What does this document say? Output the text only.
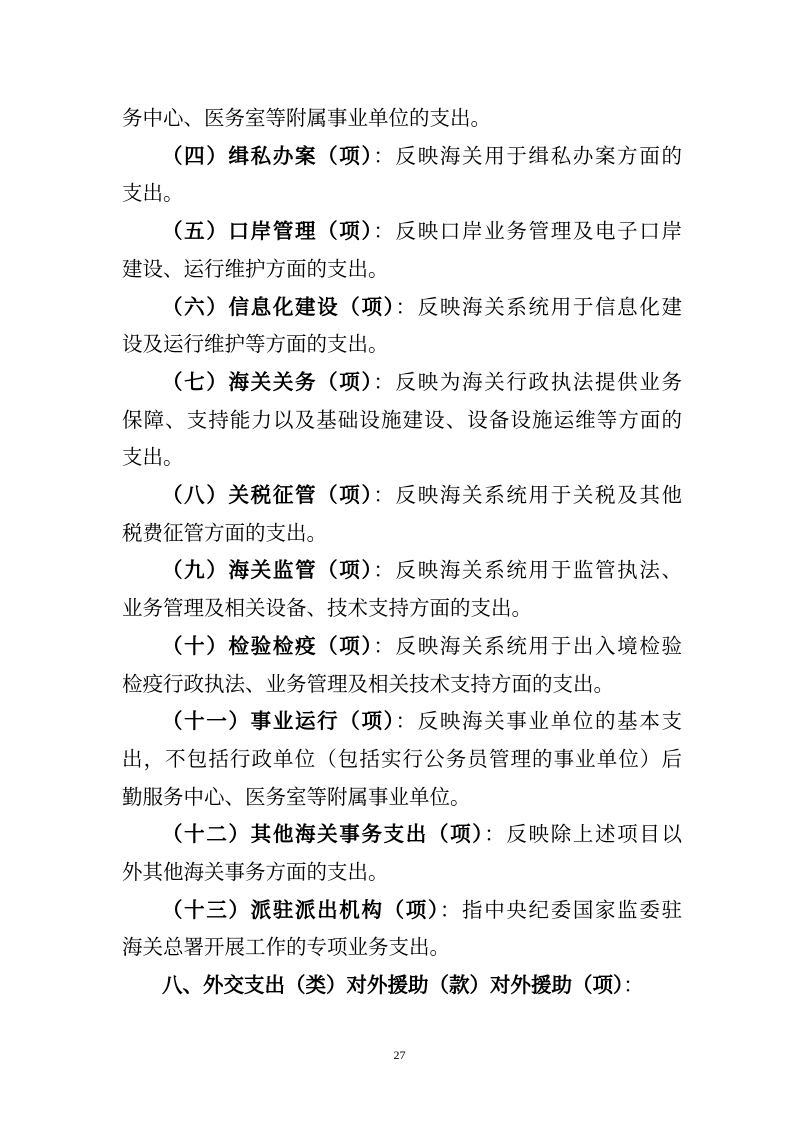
务中心、医务室等附属事业单位的支出。
（四）缉私办案（项）：反映海关用于缉私办案方面的
支出。
（五）口岸管理（项）：反映口岸业务管理及电子口岸
建设、运行维护方面的支出。
（六）信息化建设（项）：反映海关系统用于信息化建
设及运行维护等方面的支出。
（七）海关关务（项）：反映为海关行政执法提供业务
保障、支持能力以及基础设施建设、设备设施运维等方面的
支出。
（八）关税征管（项）：反映海关系统用于关税及其他
税费征管方面的支出。
（九）海关监管（项）：反映海关系统用于监管执法、
业务管理及相关设备、技术支持方面的支出。
（十）检验检疫（项）：反映海关系统用于出入境检验
检疫行政执法、业务管理及相关技术支持方面的支出。
（十一）事业运行（项）：反映海关事业单位的基本支
出，不包括行政单位（包括实行公务员管理的事业单位）后
勤服务中心、医务室等附属事业单位。
（十二）其他海关事务支出（项）：反映除上述项目以
外其他海关事务方面的支出。
（十三）派驻派出机构（项）：指中央纪委国家监委驻
海关总署开展工作的专项业务支出。
八、外交支出（类）对外援助（款）对外援助（项）：
27
